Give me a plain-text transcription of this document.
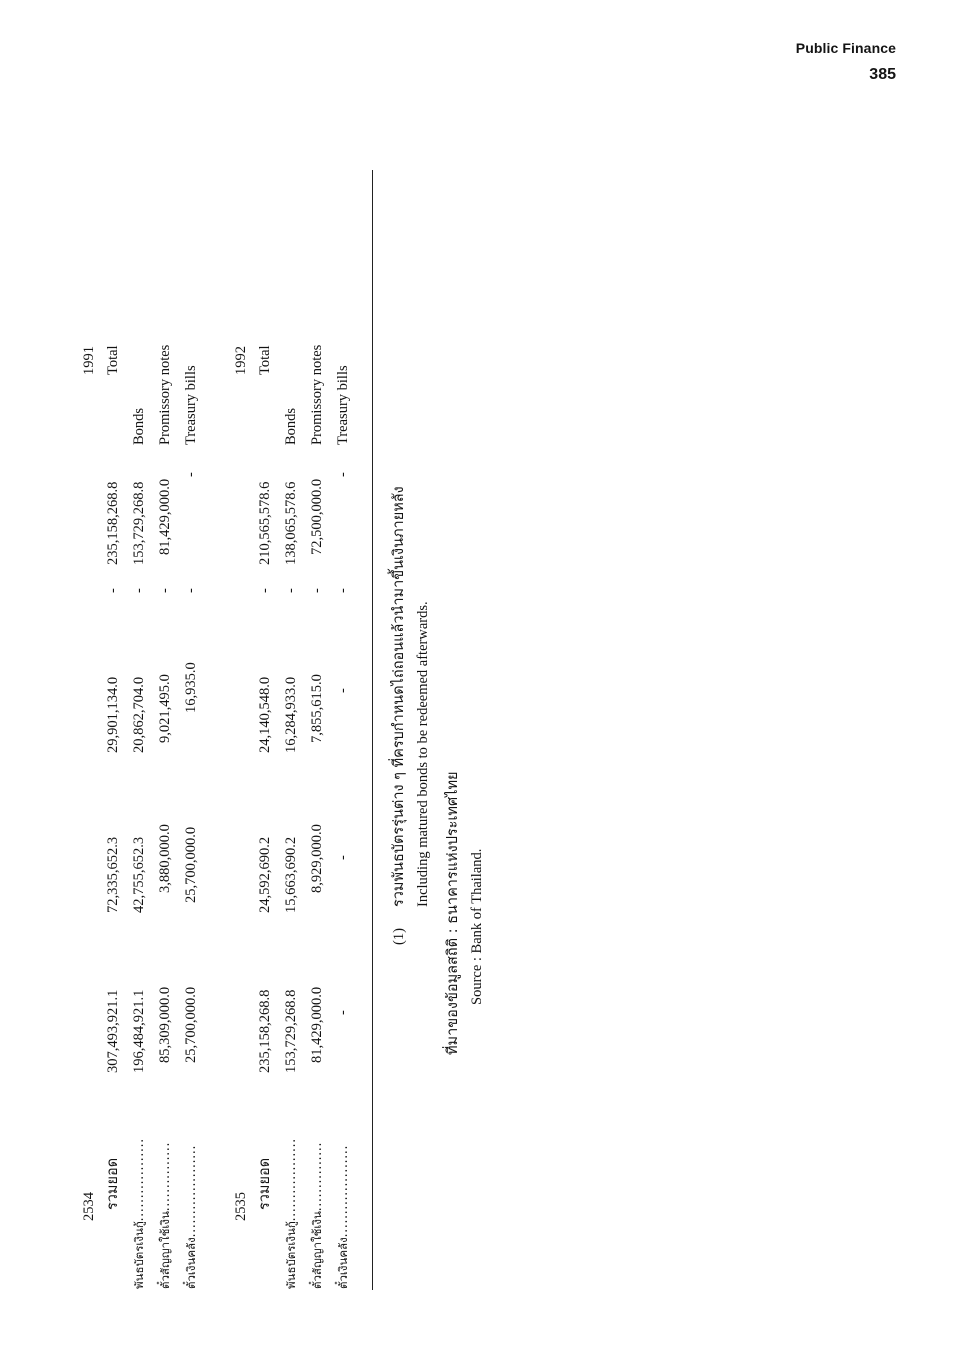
Public Finance
385
2534
1991
รวมยอด
307,493,921.1
72,335,652.3
29,901,134.0
-
235,158,268.8
Total
พันธบัตรเงินกู้..................
196,484,921.1
42,755,652.3
20,862,704.0
-
153,729,268.8
Bonds
ตั๋วสัญญาใช้เงิน...............
85,309,000.0
3,880,000.0
9,021,495.0
-
81,429,000.0
Promissory notes
ตั๋วเงินคลัง....................
25,700,000.0
25,700,000.0
16,935.0
-
-
Treasury bills
2535
1992
รวมยอด
235,158,268.8
24,592,690.2
24,140,548.0
-
210,565,578.6
Total
พันธบัตรเงินกู้..................
153,729,268.8
15,663,690.2
16,284,933.0
-
138,065,578.6
Bonds
ตั๋วสัญญาใช้เงิน...............
81,429,000.0
8,929,000.0
7,855,615.0
-
72,500,000.0
Promissory notes
ตั๋วเงินคลัง....................
-
-
-
-
-
Treasury bills
(1)
รวมพันธบัตรรุ่นต่าง ๆ ที่ครบกำหนดไถ่ถอนแล้วนำมาขึ้นเงินภายหลัง Including matured bonds to be redeemed afterwards.
ที่มาของข้อมูลสถิติ : ธนาคารแห่งประเทศไทย Source : Bank of Thailand.
